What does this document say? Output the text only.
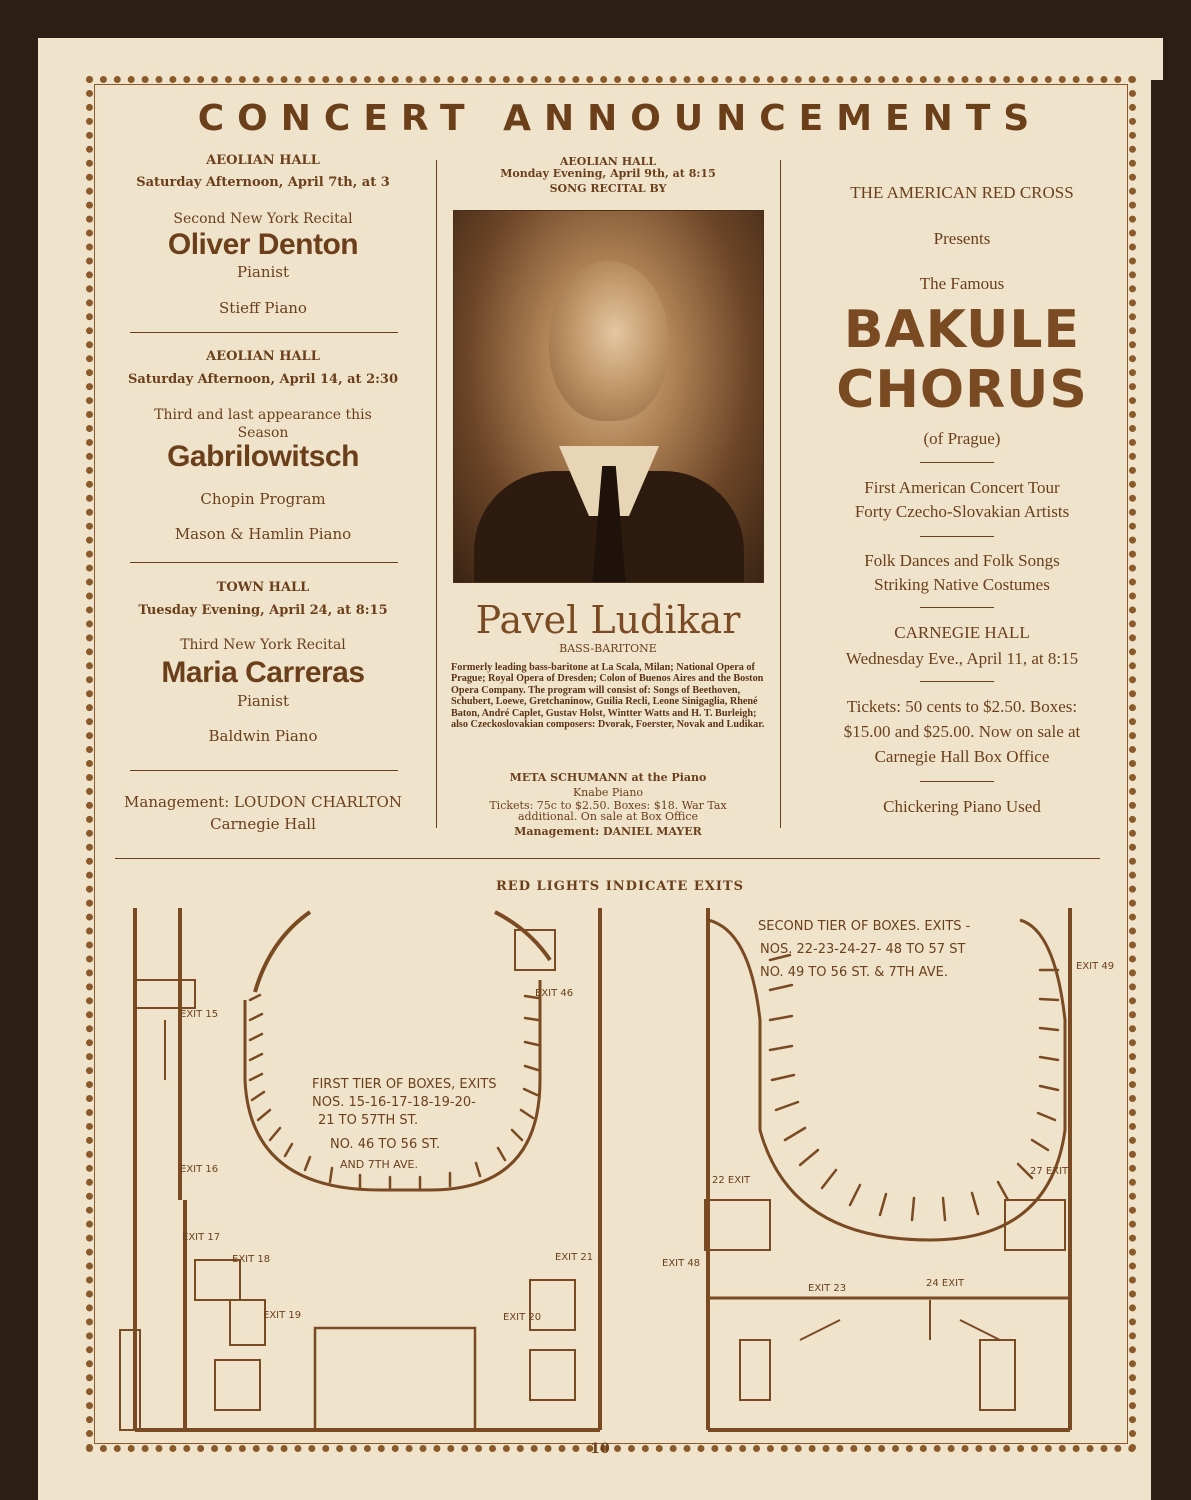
CONCERT ANNOUNCEMENTS
AEOLIAN HALL
Saturday Afternoon, April 7th, at 3
Second New York Recital
Oliver Denton
Pianist
Stieff Piano
AEOLIAN HALL
Saturday Afternoon, April 14, at 2:30
Third and last appearance this Season
Gabrilowitsch
Chopin Program
Mason & Hamlin Piano
TOWN HALL
Tuesday Evening, April 24, at 8:15
Third New York Recital
Maria Carreras
Pianist
Baldwin Piano
Management: LOUDON CHARLTON
Carnegie Hall
AEOLIAN HALL
Monday Evening, April 9th, at 8:15
SONG RECITAL BY
Pavel Ludikar
BASS-BARITONE
Formerly leading bass-baritone at La Scala, Milan; National Opera of Prague; Royal Opera of Dresden; Colon of Buenos Aires and the Boston Opera Company. The program will consist of: Songs of Beethoven, Schubert, Loewe, Gretchaninow, Guilia Recli, Leone Sinigaglia, Rhené Baton, André Caplet, Gustav Holst, Wintter Watts and H. T. Burleigh; also Czeckoslovakian composers: Dvorak, Foerster, Novak and Ludikar.
META SCHUMANN at the Piano
Knabe Piano
Tickets: 75c to $2.50. Boxes: $18. War Tax additional. On sale at Box Office
Management: DANIEL MAYER
THE AMERICAN RED CROSS
Presents
The Famous
BAKULE
CHORUS
(of Prague)
First American Concert Tour
Forty Czecho-Slovakian Artists
Folk Dances and Folk Songs
Striking Native Costumes
CARNEGIE HALL
Wednesday Eve., April 11, at 8:15
Tickets: 50 cents to $2.50. Boxes:
$15.00 and $25.00. Now on sale at
Carnegie Hall Box Office
Chickering Piano Used
RED LIGHTS INDICATE EXITS
FIRST TIER OF BOXES, EXITS
NOS. 15-16-17-18-19-20-
21 TO 57TH ST.
NO. 46 TO 56 ST.
AND 7TH AVE.
EXIT 15
EXIT 16
EXIT 17
EXIT 18
EXIT 19	EXIT 20
EXIT 21
EXIT 46
SECOND TIER OF BOXES. EXITS -
NOS. 22-23-24-27- 48 TO 57 ST
NO. 49 TO 56 ST. & 7TH AVE.	EXIT 49
22 EXIT
27 EXIT
EXIT 48
EXIT 23	24 EXIT
10
